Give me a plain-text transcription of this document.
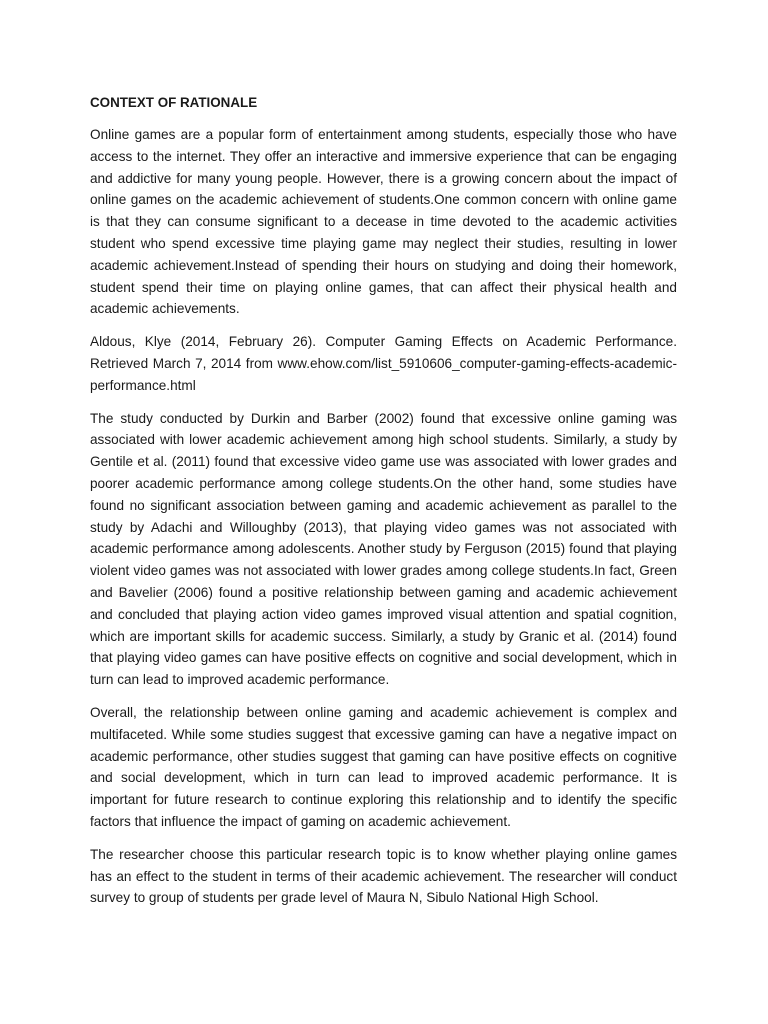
CONTEXT OF RATIONALE

Online games are a popular form of entertainment among students, especially those who have access to the internet. They offer an interactive and immersive experience that can be engaging and addictive for many young people. However, there is a growing concern about the impact of online games on the academic achievement of students.One common concern with online game is that they can consume significant to a decease in time devoted to the academic activities student who spend excessive time playing game may neglect their studies, resulting in lower academic achievement.Instead of spending their hours on studying and doing their homework, student spend their time on playing online games, that can affect their physical health and academic achievements.

Aldous, Klye (2014, February 26). Computer Gaming Effects on Academic Performance. Retrieved March 7, 2014 from www.ehow.com/list_5910606_computer-gaming-effects-academic-performance.html

The study conducted by Durkin and Barber (2002) found that excessive online gaming was associated with lower academic achievement among high school students. Similarly, a study by Gentile et al. (2011) found that excessive video game use was associated with lower grades and poorer academic performance among college students.On the other hand, some studies have found no significant association between gaming and academic achievement as parallel to the study by Adachi and Willoughby (2013), that playing video games was not associated with academic performance among adolescents. Another study by Ferguson (2015) found that playing violent video games was not associated with lower grades among college students.In fact, Green and Bavelier (2006) found a positive relationship between gaming and academic achievement and concluded that playing action video games improved visual attention and spatial cognition, which are important skills for academic success. Similarly, a study by Granic et al. (2014) found that playing video games can have positive effects on cognitive and social development, which in turn can lead to improved academic performance.

Overall, the relationship between online gaming and academic achievement is complex and multifaceted. While some studies suggest that excessive gaming can have a negative impact on academic performance, other studies suggest that gaming can have positive effects on cognitive and social development, which in turn can lead to improved academic performance. It is important for future research to continue exploring this relationship and to identify the specific factors that influence the impact of gaming on academic achievement.

The researcher choose this particular research topic is to know whether playing online games has an effect to the student in terms of their academic achievement. The researcher will conduct survey to group of students per grade level of Maura N, Sibulo National High School.
